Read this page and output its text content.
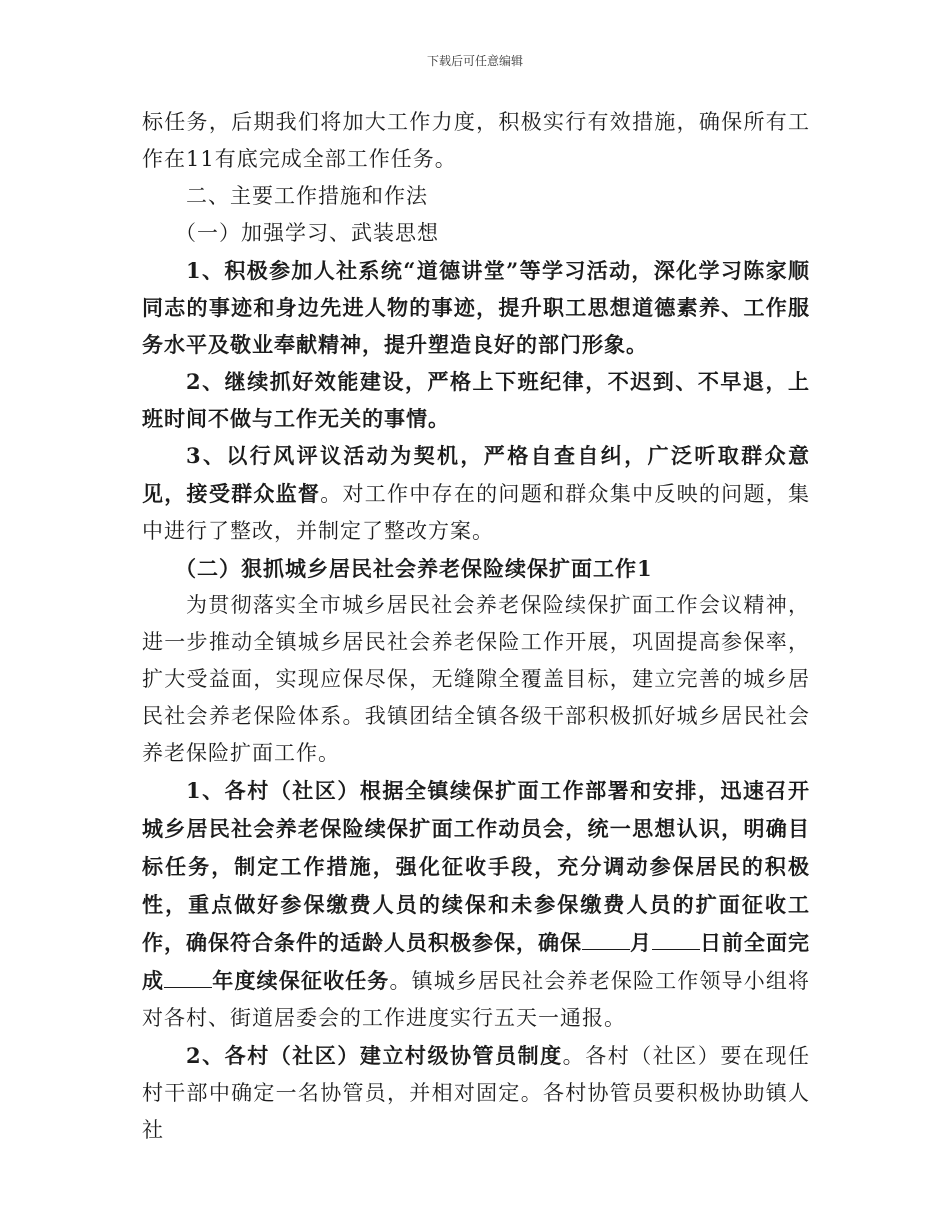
下载后可任意编辑

标任务，后期我们将加大工作力度，积极实行有效措施，确保所有工作在11有底完成全部工作任务。

二、主要工作措施和作法

（一）加强学习、武装思想

1、积极参加人社系统“道德讲堂”等学习活动，深化学习陈家顺同志的事迹和身边先进人物的事迹，提升职工思想道德素养、工作服务水平及敬业奉献精神，提升塑造良好的部门形象。

2、继续抓好效能建设，严格上下班纪律，不迟到、不早退，上班时间不做与工作无关的事情。

3、以行风评议活动为契机，严格自查自纠，广泛听取群众意见，接受群众监督。对工作中存在的问题和群众集中反映的问题，集中进行了整改，并制定了整改方案。

（二）狠抓城乡居民社会养老保险续保扩面工作1

为贯彻落实全市城乡居民社会养老保险续保扩面工作会议精神，进一步推动全镇城乡居民社会养老保险工作开展，巩固提高参保率，扩大受益面，实现应保尽保，无缝隙全覆盖目标，建立完善的城乡居民社会养老保险体系。我镇团结全镇各级干部积极抓好城乡居民社会养老保险扩面工作。

1、各村（社区）根据全镇续保扩面工作部署和安排，迅速召开城乡居民社会养老保险续保扩面工作动员会，统一思想认识，明确目标任务，制定工作措施，强化征收手段，充分调动参保居民的积极性，重点做好参保缴费人员的续保和未参保缴费人员的扩面征收工作，确保符合条件的适龄人员积极参保，确保 月 日前全面完成 年度续保征收任务。镇城乡居民社会养老保险工作领导小组将对各村、街道居委会的工作进度实行五天一通报。

2、各村（社区）建立村级协管员制度。各村（社区）要在现任村干部中确定一名协管员，并相对固定。各村协管员要积极协助镇人社
